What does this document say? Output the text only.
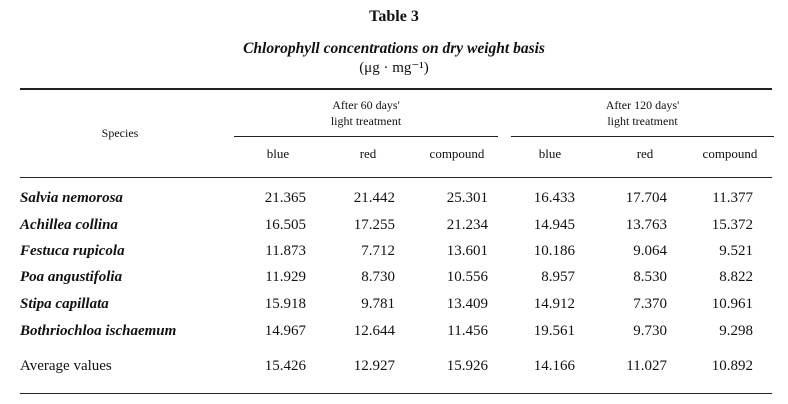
Table 3
Chlorophyll concentrations on dry weight basis
(μg · mg⁻¹)
After 60 days'
light treatment
After 120 days'
light treatment
Species
blue	red	compound	blue	red	compound
Salvia nemorosa	21.365	21.442	25.301	16.433	17.704	11.377
Achillea collina	16.505	17.255	21.234	14.945	13.763	15.372
Festuca rupicola	11.873	7.712	13.601	10.186	9.064	9.521
Poa angustifolia	11.929	8.730	10.556	8.957	8.530	8.822
Stipa capillata	15.918	9.781	13.409	14.912	7.370	10.961
Bothriochloa ischaemum	14.967	12.644	11.456	19.561	9.730	9.298
Average values	15.426	12.927	15.926	14.166	11.027	10.892
